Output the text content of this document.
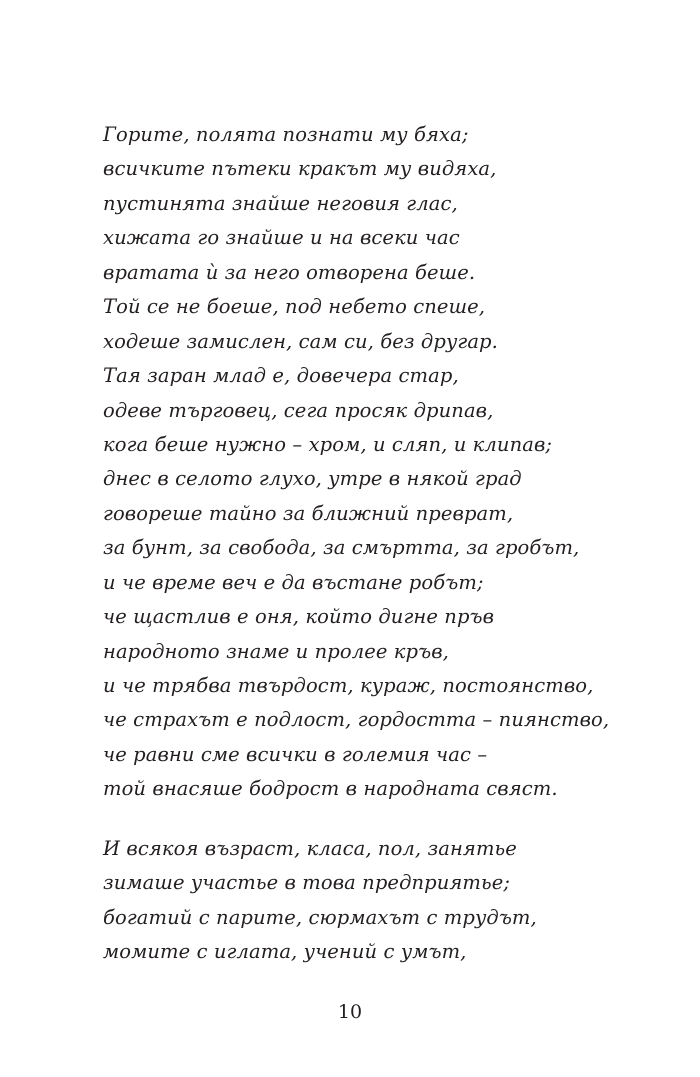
Горите, полята познати му бяха;
всичките пътеки кракът му видяха,
пустинята знайше неговия глас,
хижата го знайше и на всеки час
вратата ѝ за него отворена беше.
Той се не боеше, под небето спеше,
ходеше замислен, сам си, без другар.
Тая заран млад е, довечера стар,
одеве търговец, сега просяк дрипав,
кога беше нужно – хром, и сляп, и клипав;
днес в селото глухо, утре в някой град
говореше тайно за ближний преврат,
за бунт, за свобода, за смъртта, за гробът,
и че време веч е да въстане робът;
че щастлив е оня, който дигне пръв
народното знаме и пролее кръв,
и че трябва твърдост, кураж, постоянство,
че страхът е подлост, гордостта – пиянство,
че равни сме всички в големия час –
той внасяше бодрост в народната свяст.
И всякоя възраст, класа, пол, занятье
зимаше участье в това предприятье;
богатий с парите, сюрмахът с трудът,
момите с иглата, учений с умът,
10
